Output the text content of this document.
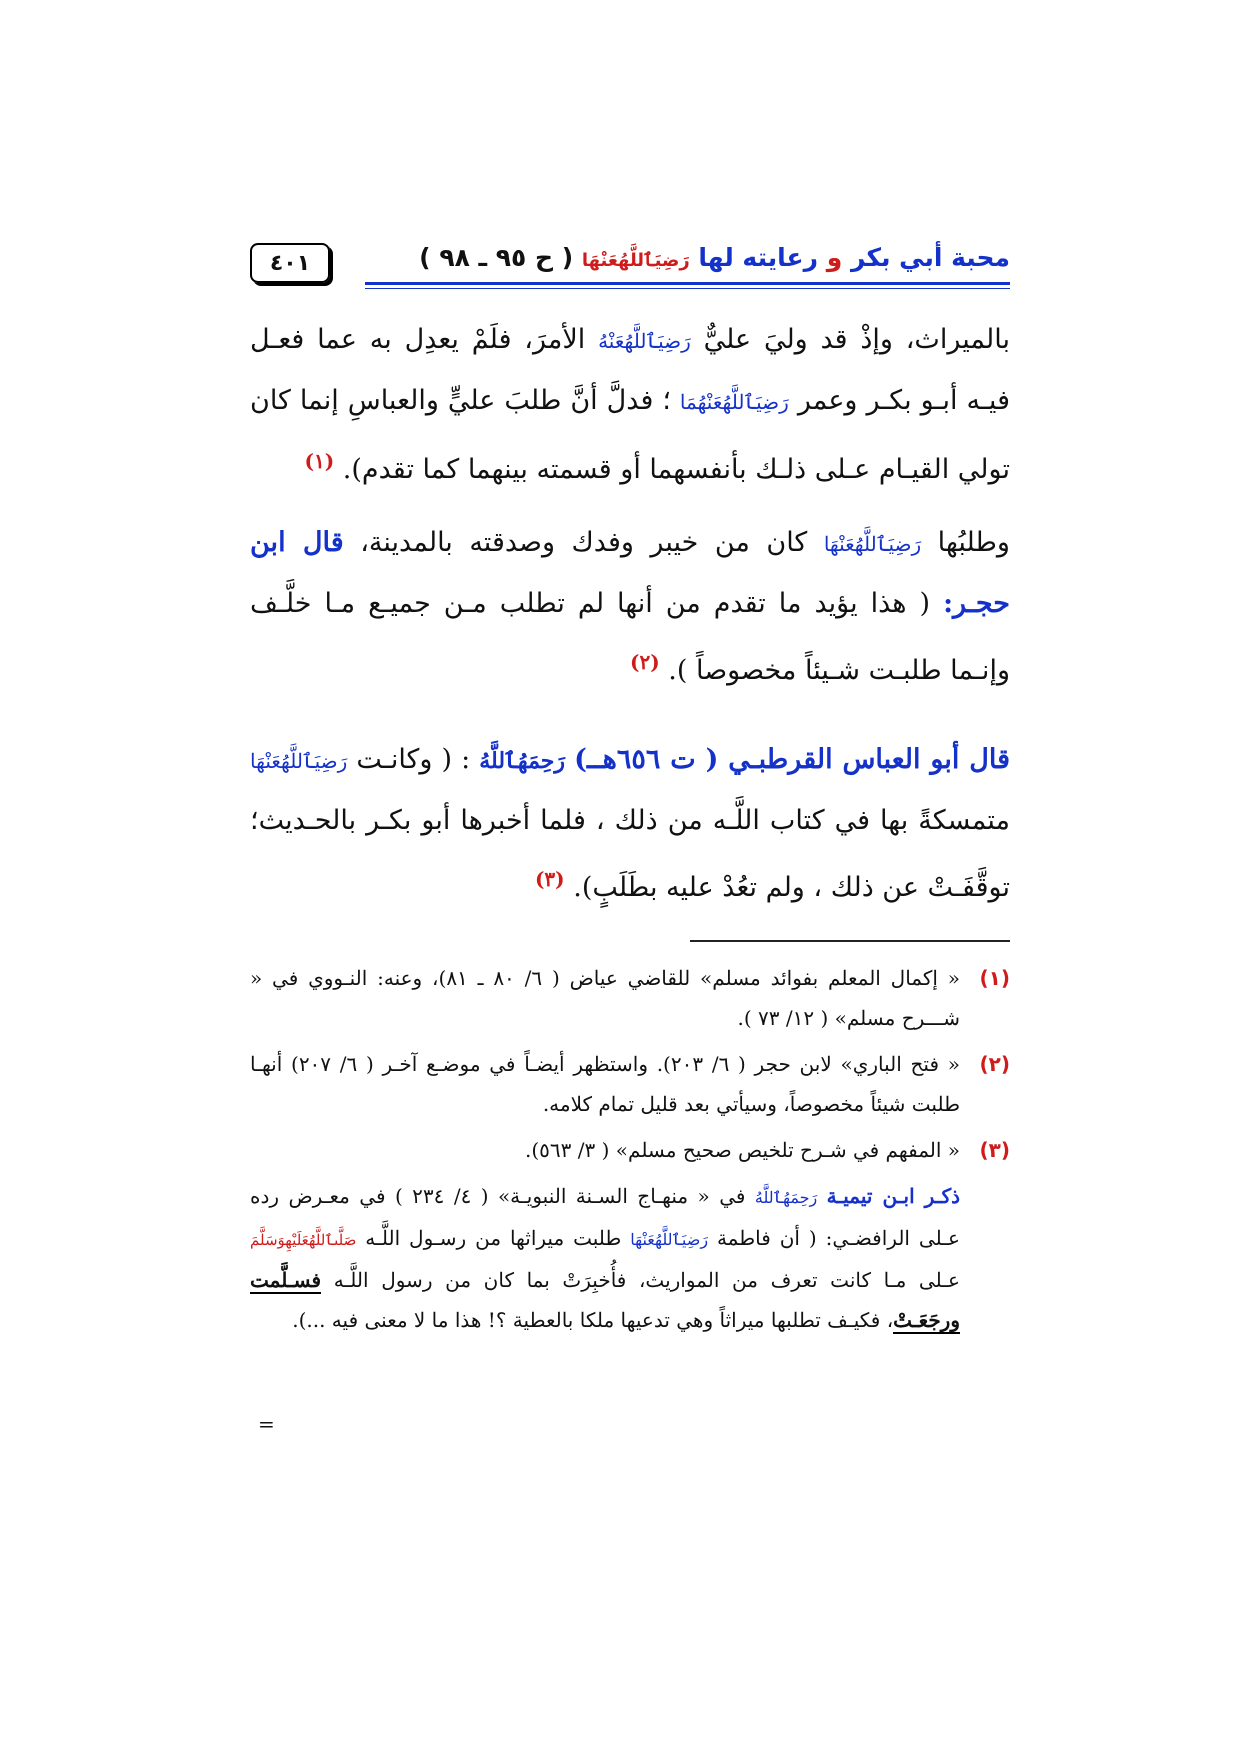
٤٠١	محبة أبي بكر و رعايته لها رَضِيَٱللَّهُعَنْهَا ( ح ٩٥ ـ ٩٨ )
بالميراث، وإذْ قد وليَ عليٌّ رَضِيَٱللَّهُعَنْهُ الأمرَ، فلَمْ يعدِل به عما فعـل فيـه أبـو بكـر وعمر رَضِيَٱللَّهُعَنْهُمَا ؛ فدلَّ أنَّ طلبَ عليٍّ والعباسِ إنما كان تولي القيـام عـلى ذلـك بأنفسهما أو قسمته بينهما كما تقدم). $^{(١)}$
وطلبُها رَضِيَٱللَّهُعَنْهَا كان من خيبر وفدك وصدقته بالمدينة، قال ابن حجـر: ( هذا يؤيد ما تقدم من أنها لم تطلب مـن جميـع مـا خلَّـف وإنـما طلبـت شـيئاً مخصوصاً ). $^{(٢)}$
قال أبو العباس القرطبـي ( ت ٦٥٦هــ) رَحِمَهُٱللَّهُ : ( وكانـت رَضِيَٱللَّهُعَنْهَا متمسكةً بها في كتاب اللَّـه من ذلك ، فلما أخبرها أبو بكـر بالحـديث؛ توقَّفَـتْ عن ذلك ، ولم تعُدْ عليه بطَلَبٍ). $^{(٣)}$
(١)
« إكمال المعلم بفوائد مسلم» للقاضي عياض ( ٦/ ٨٠ ـ ٨١)، وعنه: النـووي في « شـــرح مسلم» ( ١٢/ ٧٣ ).
(٢)
« فتح الباري» لابن حجر ( ٦/ ٢٠٣). واستظهر أيضـاً في موضـع آخـر ( ٦/ ٢٠٧) أنهـا طلبت شيئاً مخصوصاً، وسيأتي بعد قليل تمام كلامه.
(٣)
« المفهم في شـرح تلخيص صحيح مسلم» ( ٣/ ٥٦٣).
ذكـر ابـن تيميـة رَحِمَهُٱللَّهُ في « منهـاج السـنة النبويـة» ( ٤/ ٢٣٤ ) في معـرض رده عـلى الرافضـي: ( أن فاطمة رَضِيَٱللَّهُعَنْهَا طلبت ميراثها من رسـول اللَّـه صَلَّىٱللَّهُعَلَيْهِوَسَلَّمَ عـلى مـا كانت تعرف من المواريث، فأُخبِرَتْ بما كان من رسول اللَّـه فسـلَّمت ورجَعَـتْ، فكيـف تطلبها ميراثاً وهي تدعيها ملكا بالعطية ؟! هذا ما لا معنى فيه ...).
=
